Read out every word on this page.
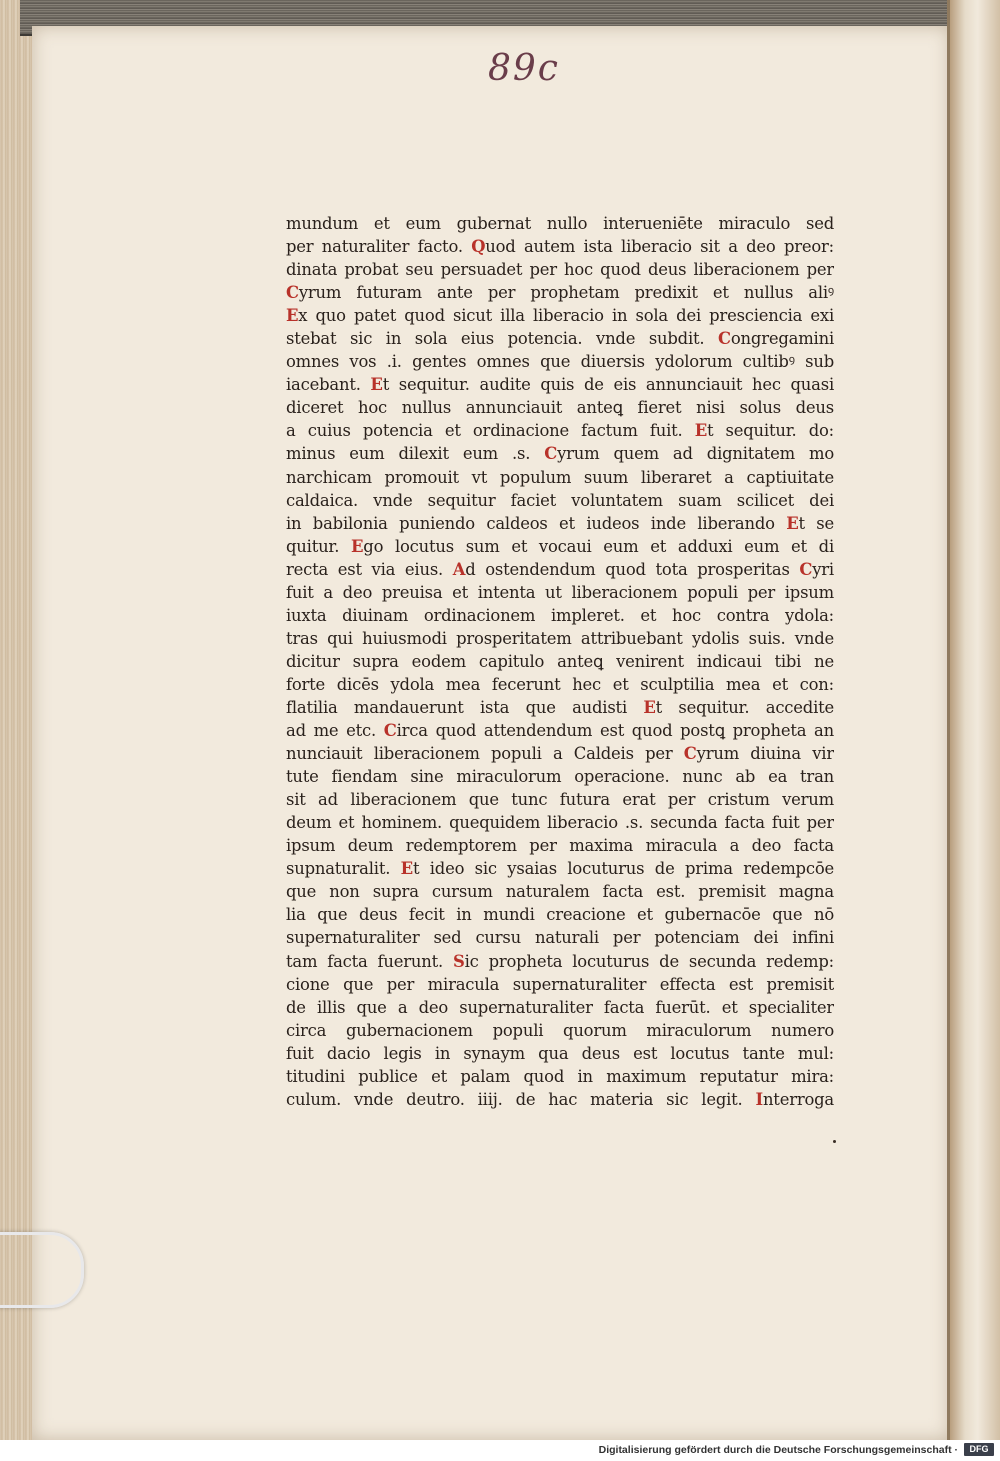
89c
mundum et eum gubernat nullo interueniēte miraculo sed
per naturaliter facto. Quod autem ista liberacio sit a deo preor:
dinata probat seu persuadet per hoc quod deus liberacionem per
Cyrum futuram ante per prophetam predixit et nullus aliꝰ
Ex quo patet quod sicut illa liberacio in sola dei presciencia exi
stebat sic in sola eius potencia. vnde subdit. Congregamini
omnes vos .i. gentes omnes que diuersis ydolorum cultibꝰ sub
iacebant. Et sequitur. audite quis de eis annunciauit hec quasi
diceret hoc nullus annunciauit anteꝗ fieret nisi solus deus
a cuius potencia et ordinacione factum fuit. Et sequitur. do:
minus eum dilexit eum .s. Cyrum quem ad dignitatem mo
narchicam promouit vt populum suum liberaret a captiuitate
caldaica. vnde sequitur faciet voluntatem suam scilicet dei
in babilonia puniendo caldeos et iudeos inde liberando Et se
quitur. Ego locutus sum et vocaui eum et adduxi eum et di
recta est via eius. Ad ostendendum quod tota prosperitas Cyri
fuit a deo preuisa et intenta ut liberacionem populi per ipsum
iuxta diuinam ordinacionem impleret. et hoc contra ydola:
tras qui huiusmodi prosperitatem attribuebant ydolis suis. vnde
dicitur supra eodem capitulo anteꝗ venirent indicaui tibi ne
forte dicēs ydola mea fecerunt hec et sculptilia mea et con:
flatilia mandauerunt ista que audisti Et sequitur. accedite
ad me etc. Circa quod attendendum est quod postꝗ propheta an
nunciauit liberacionem populi a Caldeis per Cyrum diuina vir
tute fiendam sine miraculorum operacione. nunc ab ea tran
sit ad liberacionem que tunc futura erat per cristum verum
deum et hominem. quequidem liberacio .s. secunda facta fuit per
ipsum deum redemptorem per maxima miracula a deo facta
supnaturalit. Et ideo sic ysaias locuturus de prima redempcōe
que non supra cursum naturalem facta est. premisit magna
lia que deus fecit in mundi creacione et gubernacōe que nō
supernaturaliter sed cursu naturali per potenciam dei infini
tam facta fuerunt. Sic propheta locuturus de secunda redemp:
cione que per miracula supernaturaliter effecta est premisit
de illis que a deo supernaturaliter facta fuerūt. et specialiter
circa gubernacionem populi quorum miraculorum numero
fuit dacio legis in synaym qua deus est locutus tante mul:
titudini publice et palam quod in maximum reputatur mira:
culum. vnde deutro. iiij. de hac materia sic legit. Interroga
Digitalisierung gefördert durch die Deutsche Forschungsgemeinschaft ·	DFG
